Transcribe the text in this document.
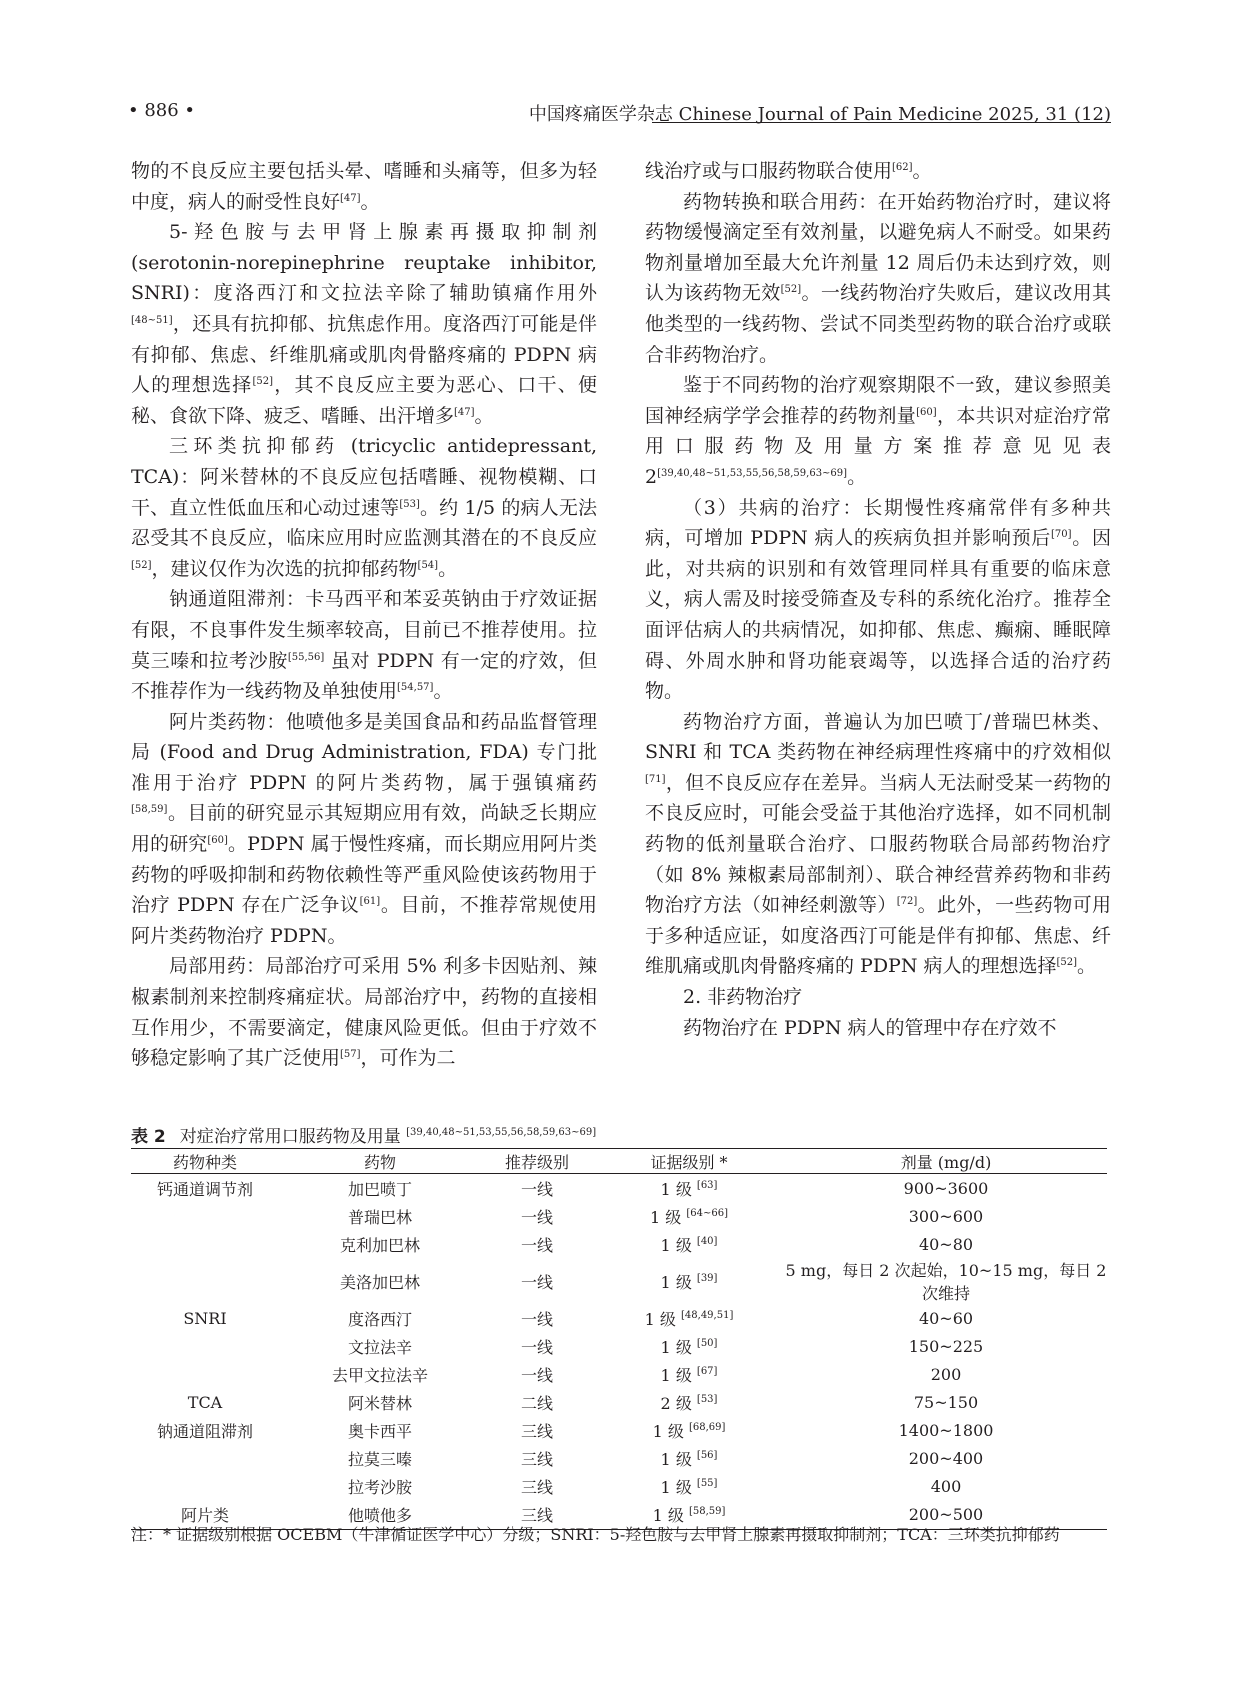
• 886 •	中国疼痛医学杂志 Chinese Journal of Pain Medicine 2025, 31 (12)

物的不良反应主要包括头晕、嗜睡和头痛等，但多为轻中度，病人的耐受性良好[47]。

5-羟色胺与去甲肾上腺素再摄取抑制剂 (serotonin-norepinephrine reuptake inhibitor, SNRI)：度洛西汀和文拉法辛除了辅助镇痛作用外[48~51]，还具有抗抑郁、抗焦虑作用。度洛西汀可能是伴有抑郁、焦虑、纤维肌痛或肌肉骨骼疼痛的 PDPN 病人的理想选择[52]，其不良反应主要为恶心、口干、便秘、食欲下降、疲乏、嗜睡、出汗增多[47]。

三环类抗抑郁药 (tricyclic antidepressant, TCA)：阿米替林的不良反应包括嗜睡、视物模糊、口干、直立性低血压和心动过速等[53]。约 1/5 的病人无法忍受其不良反应，临床应用时应监测其潜在的不良反应[52]，建议仅作为次选的抗抑郁药物[54]。

钠通道阻滞剂：卡马西平和苯妥英钠由于疗效证据有限，不良事件发生频率较高，目前已不推荐使用。拉莫三嗪和拉考沙胺[55,56] 虽对 PDPN 有一定的疗效，但不推荐作为一线药物及单独使用[54,57]。

阿片类药物：他喷他多是美国食品和药品监督管理局 (Food and Drug Administration, FDA) 专门批准用于治疗 PDPN 的阿片类药物，属于强镇痛药[58,59]。目前的研究显示其短期应用有效，尚缺乏长期应用的研究[60]。PDPN 属于慢性疼痛，而长期应用阿片类药物的呼吸抑制和药物依赖性等严重风险使该药物用于治疗 PDPN 存在广泛争议[61]。目前，不推荐常规使用阿片类药物治疗 PDPN。

局部用药：局部治疗可采用 5% 利多卡因贴剂、辣椒素制剂来控制疼痛症状。局部治疗中，药物的直接相互作用少，不需要滴定，健康风险更低。但由于疗效不够稳定影响了其广泛使用[57]，可作为二

线治疗或与口服药物联合使用[62]。

药物转换和联合用药：在开始药物治疗时，建议将药物缓慢滴定至有效剂量，以避免病人不耐受。如果药物剂量增加至最大允许剂量 12 周后仍未达到疗效，则认为该药物无效[52]。一线药物治疗失败后，建议改用其他类型的一线药物、尝试不同类型药物的联合治疗或联合非药物治疗。

鉴于不同药物的治疗观察期限不一致，建议参照美国神经病学学会推荐的药物剂量[60]，本共识对症治疗常用口服药物及用量方案推荐意见见表 2[39,40,48~51,53,55,56,58,59,63~69]。

（3）共病的治疗：长期慢性疼痛常伴有多种共病，可增加 PDPN 病人的疾病负担并影响预后[70]。因此，对共病的识别和有效管理同样具有重要的临床意义，病人需及时接受筛查及专科的系统化治疗。推荐全面评估病人的共病情况，如抑郁、焦虑、癫痫、睡眠障碍、外周水肿和肾功能衰竭等，以选择合适的治疗药物。

药物治疗方面，普遍认为加巴喷丁/普瑞巴林类、SNRI 和 TCA 类药物在神经病理性疼痛中的疗效相似[71]，但不良反应存在差异。当病人无法耐受某一药物的不良反应时，可能会受益于其他治疗选择，如不同机制药物的低剂量联合治疗、口服药物联合局部药物治疗（如 8% 辣椒素局部制剂）、联合神经营养药物和非药物治疗方法（如神经刺激等）[72]。此外，一些药物可用于多种适应证，如度洛西汀可能是伴有抑郁、焦虑、纤维肌痛或肌肉骨骼疼痛的 PDPN 病人的理想选择[52]。

2. 非药物治疗

药物治疗在 PDPN 病人的管理中存在疗效不

表 2 对症治疗常用口服药物及用量 [39,40,48~51,53,55,56,58,59,63~69]
药物种类	药物	推荐级别	证据级别 *	剂量 (mg/d)
钙通道调节剂	加巴喷丁	一线	1 级 [63]	900~3600
	普瑞巴林	一线	1 级 [64~66]	300~600
	克利加巴林	一线	1 级 [40]	40~80
	美洛加巴林	一线	1 级 [39]	5 mg，每日 2 次起始，10~15 mg，每日 2 次维持
SNRI	度洛西汀	一线	1 级 [48,49,51]	40~60
	文拉法辛	一线	1 级 [50]	150~225
	去甲文拉法辛	一线	1 级 [67]	200
TCA	阿米替林	二线	2 级 [53]	75~150
钠通道阻滞剂	奥卡西平	三线	1 级 [68,69]	1400~1800
	拉莫三嗪	三线	1 级 [56]	200~400
	拉考沙胺	三线	1 级 [55]	400
阿片类	他喷他多	三线	1 级 [58,59]	200~500
注：* 证据级别根据 OCEBM（牛津循证医学中心）分级；SNRI：5-羟色胺与去甲肾上腺素再摄取抑制剂；TCA：三环类抗抑郁药
